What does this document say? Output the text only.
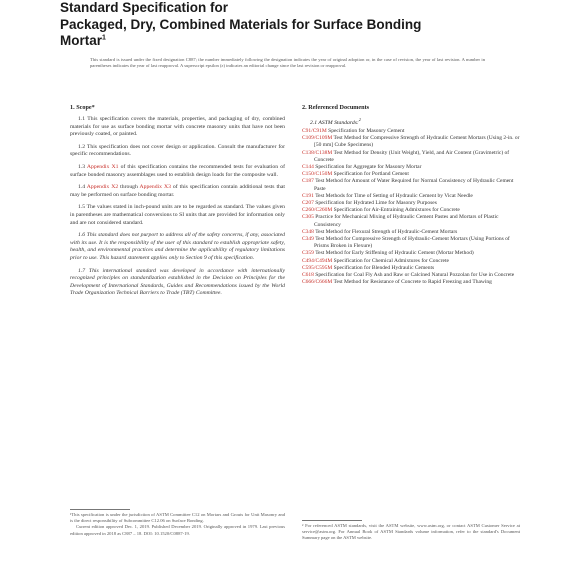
Standard Specification for
Packaged, Dry, Combined Materials for Surface Bonding
Mortar$^1$
This standard is issued under the fixed designation C887; the number immediately following the designation indicates the year of original adoption or, in the case of revision, the year of last revision. A number in parentheses indicates the year of last reapproval. A superscript epsilon (ε) indicates an editorial change since the last revision or reapproval.
1. Scope*

1.1 This specification covers the materials, properties, and packaging of dry, combined materials for use as surface bonding mortar with concrete masonry units that have not been previously coated, or painted.

1.2 This specification does not cover design or application. Consult the manufacturer for specific recommendations.

1.3 Appendix X1 of this specification contains the recommended tests for evaluation of surface bonded masonry assemblages used to establish design loads for the composite wall.

1.4 Appendix X2 through Appendix X3 of this specification contain additional tests that may be performed on surface bonding mortar.

1.5 The values stated in inch-pound units are to be regarded as standard. The values given in parentheses are mathematical conversions to SI units that are provided for information only and are not considered standard.

1.6 This standard does not purport to address all of the safety concerns, if any, associated with its use. It is the responsibility of the user of this standard to establish appropriate safety, health, and environmental practices and determine the applicability of regulatory limitations prior to use. This hazard statement applies only to Section 9 of this specification.

1.7 This international standard was developed in accordance with internationally recognized principles on standardization established in the Decision on Principles for the Development of International Standards, Guides and Recommendations issued by the World Trade Organization Technical Barriers to Trade (TBT) Committee.

¹This specification is under the jurisdiction of ASTM Committee C12 on Mortars and Grouts for Unit Masonry and is the direct responsibility of Subcommittee C12.06 on Surface Bonding.
Current edition approved Dec. 1, 2019. Published December 2019. Originally approved in 1979. Last previous edition approved in 2018 as C887 – 18. DOI: 10.1520/C0887-19.
2. Referenced Documents
2.1 ASTM Standards:$^2$
C91/C91M Specification for Masonry Cement
C109/C109M Test Method for Compressive Strength of Hydraulic Cement Mortars (Using 2-in. or [50 mm] Cube Specimens)
C138/C138M Test Method for Density (Unit Weight), Yield, and Air Content (Gravimetric) of Concrete
C144 Specification for Aggregate for Masonry Mortar
C150/C150M Specification for Portland Cement
C187 Test Method for Amount of Water Required for Normal Consistency of Hydraulic Cement Paste
C191 Test Methods for Time of Setting of Hydraulic Cement by Vicat Needle
C207 Specification for Hydrated Lime for Masonry Purposes
C260/C260M Specification for Air-Entraining Admixtures for Concrete
C305 Practice for Mechanical Mixing of Hydraulic Cement Pastes and Mortars of Plastic Consistency
C348 Test Method for Flexural Strength of Hydraulic-Cement Mortars
C349 Test Method for Compressive Strength of Hydraulic-Cement Mortars (Using Portions of Prisms Broken in Flexure)
C359 Test Method for Early Stiffening of Hydraulic Cement (Mortar Method)
C494/C494M Specification for Chemical Admixtures for Concrete
C595/C595M Specification for Blended Hydraulic Cements
C618 Specification for Coal Fly Ash and Raw or Calcined Natural Pozzolan for Use in Concrete
C666/C666M Test Method for Resistance of Concrete to Rapid Freezing and Thawing
² For referenced ASTM standards, visit the ASTM website, www.astm.org, or contact ASTM Customer Service at service@astm.org. For Annual Book of ASTM Standards volume information, refer to the standard's Document Summary page on the ASTM website.
